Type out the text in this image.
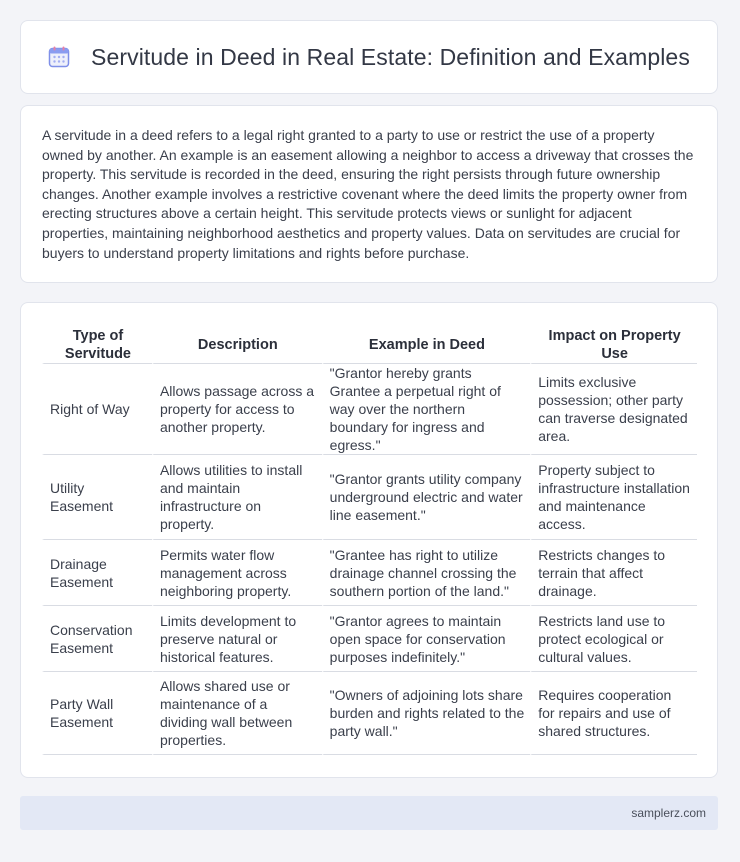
Servitude in Deed in Real Estate: Definition and Examples

A servitude in a deed refers to a legal right granted to a party to use or restrict the use of a property owned by another. An example is an easement allowing a neighbor to access a driveway that crosses the property. This servitude is recorded in the deed, ensuring the right persists through future ownership changes. Another example involves a restrictive covenant where the deed limits the property owner from erecting structures above a certain height. This servitude protects views or sunlight for adjacent properties, maintaining neighborhood aesthetics and property values. Data on servitudes are crucial for buyers to understand property limitations and rights before purchase.

Type of Servitude	Description	Example in Deed	Impact on Property Use
Right of Way	Allows passage across a property for access to another property.	"Grantor hereby grants Grantee a perpetual right of way over the northern boundary for ingress and egress."	Limits exclusive possession; other party can traverse designated area.
Utility Easement	Allows utilities to install and maintain infrastructure on property.	"Grantor grants utility company underground electric and water line easement."	Property subject to infrastructure installation and maintenance access.
Drainage Easement	Permits water flow management across neighboring property.	"Grantee has right to utilize drainage channel crossing the southern portion of the land."	Restricts changes to terrain that affect drainage.
Conservation Easement	Limits development to preserve natural or historical features.	"Grantor agrees to maintain open space for conservation purposes indefinitely."	Restricts land use to protect ecological or cultural values.
Party Wall Easement	Allows shared use or maintenance of a dividing wall between properties.	"Owners of adjoining lots share burden and rights related to the party wall."	Requires cooperation for repairs and use of shared structures.
samplerz.com
